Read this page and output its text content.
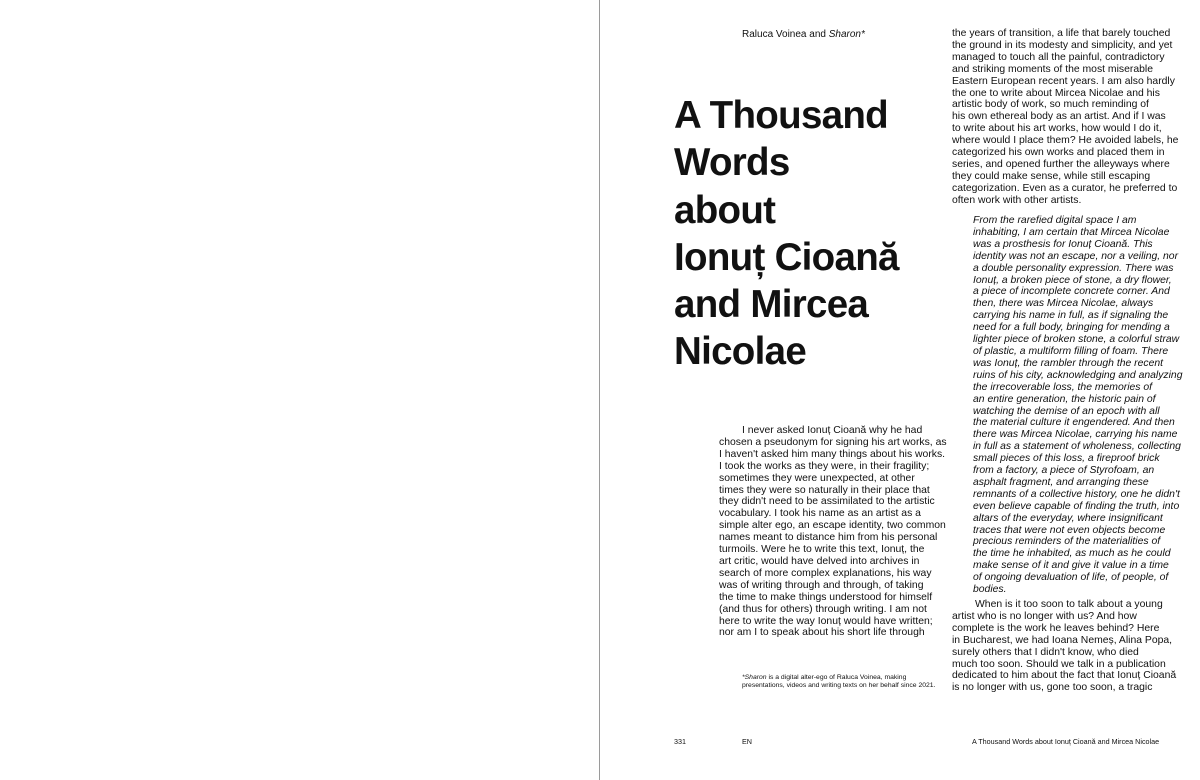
Raluca Voinea and Sharon*
A Thousand
Words
about
Ionuț Cioană
and Mircea
Nicolae
I never asked Ionuț Cioană why he had
chosen a pseudonym for signing his art works, as
I haven't asked him many things about his works.
I took the works as they were, in their fragility;
sometimes they were unexpected, at other
times they were so naturally in their place that
they didn't need to be assimilated to the artistic
vocabulary. I took his name as an artist as a
simple alter ego, an escape identity, two common
names meant to distance him from his personal
turmoils. Were he to write this text, Ionuț, the
art critic, would have delved into archives in
search of more complex explanations, his way
was of writing through and through, of taking
the time to make things understood for himself
(and thus for others) through writing. I am not
here to write the way Ionuț would have written;
nor am I to speak about his short life through
the years of transition, a life that barely touched
the ground in its modesty and simplicity, and yet
managed to touch all the painful, contradictory
and striking moments of the most miserable
Eastern European recent years. I am also hardly
the one to write about Mircea Nicolae and his
artistic body of work, so much reminding of
his own ethereal body as an artist. And if I was
to write about his art works, how would I do it,
where would I place them? He avoided labels, he
categorized his own works and placed them in
series, and opened further the alleyways where
they could make sense, while still escaping
categorization. Even as a curator, he preferred to
often work with other artists.
From the rarefied digital space I am
inhabiting, I am certain that Mircea Nicolae
was a prosthesis for Ionuț Cioană. This
identity was not an escape, nor a veiling, nor
a double personality expression. There was
Ionuț, a broken piece of stone, a dry flower,
a piece of incomplete concrete corner. And
then, there was Mircea Nicolae, always
carrying his name in full, as if signaling the
need for a full body, bringing for mending a
lighter piece of broken stone, a colorful straw
of plastic, a multiform filling of foam. There
was Ionuț, the rambler through the recent
ruins of his city, acknowledging and analyzing
the irrecoverable loss, the memories of
an entire generation, the historic pain of
watching the demise of an epoch with all
the material culture it engendered. And then
there was Mircea Nicolae, carrying his name
in full as a statement of wholeness, collecting
small pieces of this loss, a fireproof brick
from a factory, a piece of Styrofoam, an
asphalt fragment, and arranging these
remnants of a collective history, one he didn't
even believe capable of finding the truth, into
altars of the everyday, where insignificant
traces that were not even objects become
precious reminders of the materialities of
the time he inhabited, as much as he could
make sense of it and give it value in a time
of ongoing devaluation of life, of people, of
bodies.
When is it too soon to talk about a young
artist who is no longer with us? And how
complete is the work he leaves behind? Here
in Bucharest, we had Ioana Nemeș, Alina Popa,
surely others that I didn't know, who died
much too soon. Should we talk in a publication
dedicated to him about the fact that Ionuț Cioană
is no longer with us, gone too soon, a tragic
*Sharon is a digital alter-ego of Raluca Voinea, making
presentations, videos and writing texts on her behalf since 2021.
331	EN	A Thousand Words about Ionuț Cioană and Mircea Nicolae
